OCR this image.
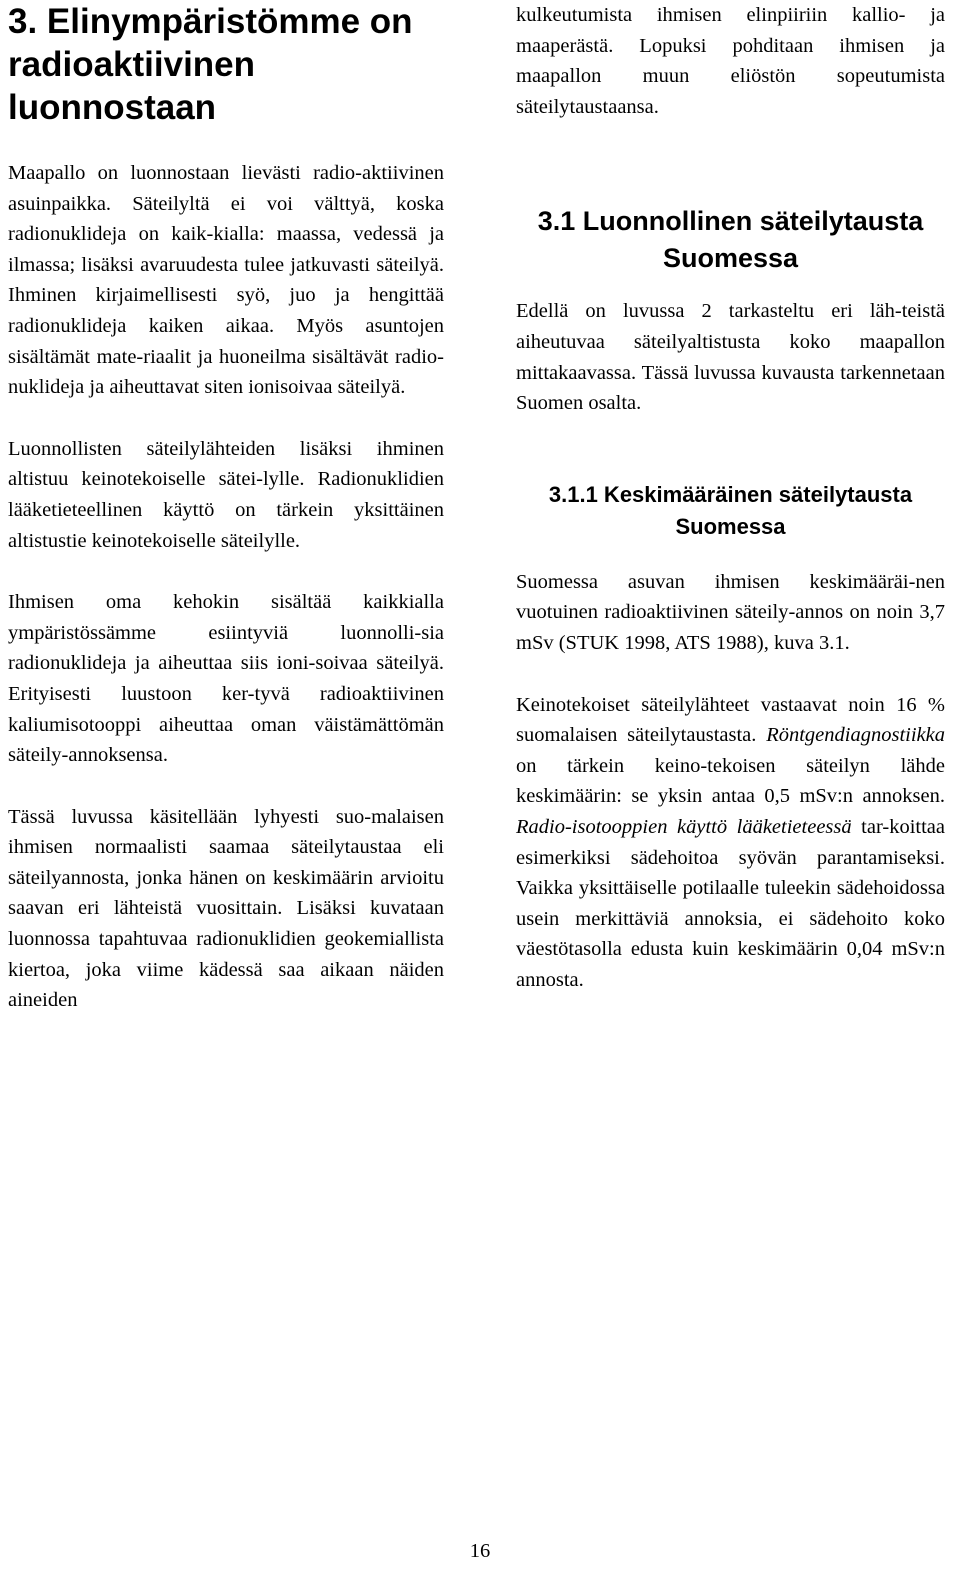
3. Elinympäristömme on radioaktiivinen luonnostaan

Maapallo on luonnostaan lievästi radio-aktiivinen asuinpaikka. Säteilyltä ei voi välttyä, koska radionuklideja on kaik-kialla: maassa, vedessä ja ilmassa; lisäksi avaruudesta tulee jatkuvasti säteilyä. Ihminen kirjaimellisesti syö, juo ja hengittää radionuklideja kaiken aikaa. Myös asuntojen sisältämät mate-riaalit ja huoneilma sisältävät radio-nuklideja ja aiheuttavat siten ionisoivaa säteilyä.

Luonnollisten säteilylähteiden lisäksi ihminen altistuu keinotekoiselle sätei-lylle. Radionuklidien lääketieteellinen käyttö on tärkein yksittäinen altistustie keinotekoiselle säteilylle.

Ihmisen oma kehokin sisältää kaikkialla ympäristössämme esiintyviä luonnolli-sia radionuklideja ja aiheuttaa siis ioni-soivaa säteilyä. Erityisesti luustoon ker-tyvä radioaktiivinen kaliumisotooppi aiheuttaa oman väistämättömän säteily-annoksensa.

Tässä luvussa käsitellään lyhyesti suo-malaisen ihmisen normaalisti saamaa säteilytaustaa eli säteilyannosta, jonka hänen on keskimäärin arvioitu saavan eri lähteistä vuosittain. Lisäksi kuvataan luonnossa tapahtuvaa radionuklidien geokemiallista kiertoa, joka viime kädessä saa aikaan näiden aineiden

kulkeutumista ihmisen elinpiiriin kallio- ja maaperästä. Lopuksi pohditaan ihmisen ja maapallon muun eliöstön sopeutumista säteilytaustaansa.

3.1 Luonnollinen säteilytausta Suomessa

Edellä on luvussa 2 tarkasteltu eri läh-teistä aiheutuvaa säteilyaltistusta koko maapallon mittakaavassa. Tässä luvussa kuvausta tarkennetaan Suomen osalta.

3.1.1 Keskimääräinen säteilytausta Suomessa

Suomessa asuvan ihmisen keskimääräi-nen vuotuinen radioaktiivinen säteily-annos on noin 3,7 mSv (STUK 1998, ATS 1988), kuva 3.1.

Keinotekoiset säteilylähteet vastaavat noin 16 % suomalaisen säteilytaustasta. Röntgendiagnostiikka on tärkein keino-tekoisen säteilyn lähde keskimäärin: se yksin antaa 0,5 mSv:n annoksen. Radio-isotooppien käyttö lääketieteessä tar-koittaa esimerkiksi sädehoitoa syövän parantamiseksi. Vaikka yksittäiselle potilaalle tuleekin sädehoidossa usein merkittäviä annoksia, ei sädehoito koko väestötasolla edusta kuin keskimäärin 0,04 mSv:n annosta.

16
